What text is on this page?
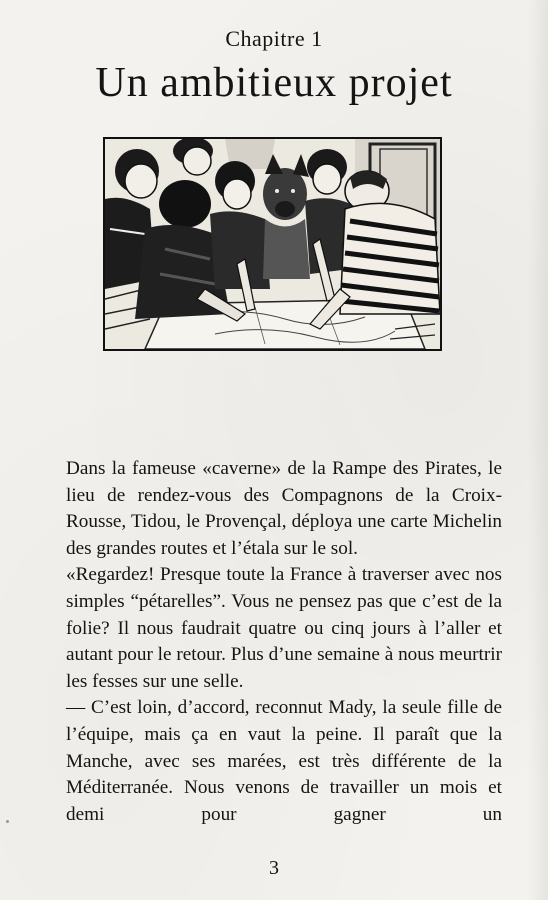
Chapitre 1
Un ambitieux projet

Dans la fameuse «caverne» de la Rampe des Pirates, le lieu de rendez-vous des Compagnons de la Croix-Rousse, Tidou, le Provençal, déploya une carte Michelin des grandes routes et l’étala sur le sol.

«Regardez! Presque toute la France à traverser avec nos simples “pétarelles”. Vous ne pensez pas que c’est de la folie? Il nous faudrait quatre ou cinq jours à l’aller et autant pour le retour. Plus d’une semaine à nous meurtrir les fesses sur une selle.

— C’est loin, d’accord, reconnut Mady, la seule fille de l’équipe, mais ça en vaut la peine. Il paraît que la Manche, avec ses marées, est très différente de la Méditerranée. Nous venons de travailler un mois et demi pour gagner un

3
